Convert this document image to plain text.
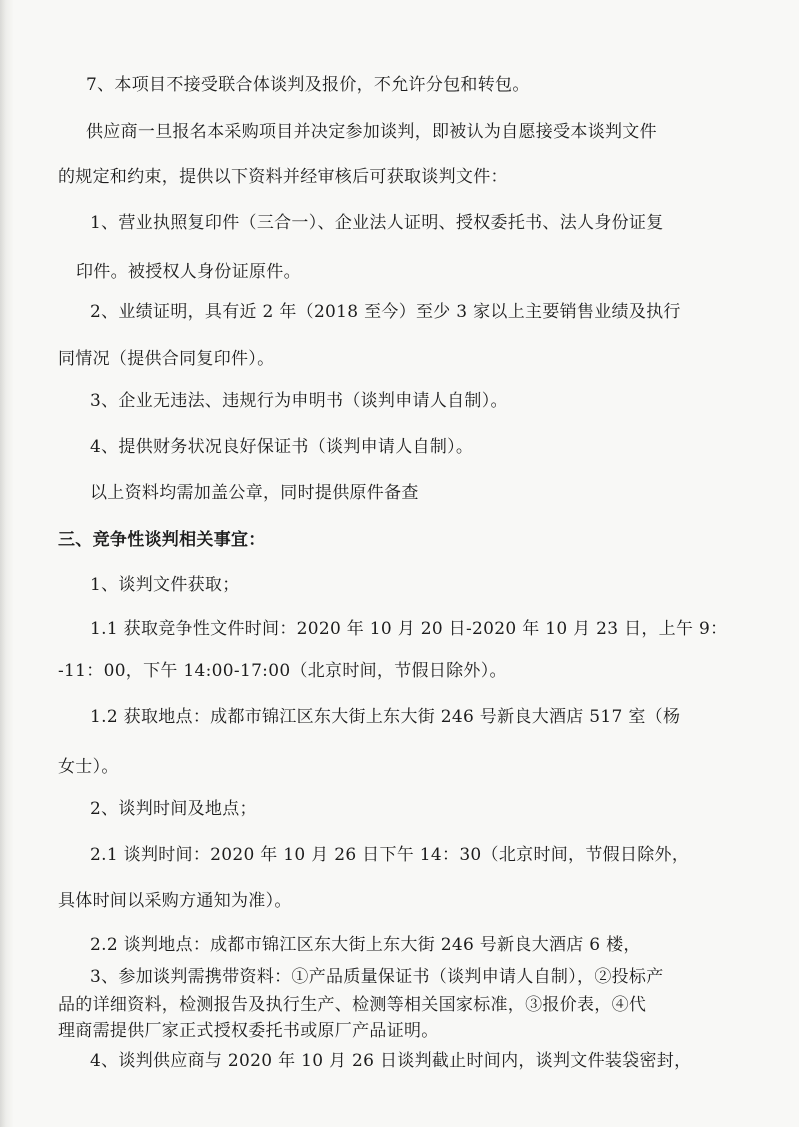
7、本项目不接受联合体谈判及报价，不允许分包和转包。
供应商一旦报名本采购项目并决定参加谈判，即被认为自愿接受本谈判文件
的规定和约束，提供以下资料并经审核后可获取谈判文件：
1、营业执照复印件（三合一）、企业法人证明、授权委托书、法人身份证复
印件。被授权人身份证原件。
2、业绩证明，具有近 2 年（2018 至今）至少 3 家以上主要销售业绩及执行
同情况（提供合同复印件）。
3、企业无违法、违规行为申明书（谈判申请人自制）。
4、提供财务状况良好保证书（谈判申请人自制）。
以上资料均需加盖公章，同时提供原件备查
三、竞争性谈判相关事宜：
1、谈判文件获取；
1.1 获取竞争性文件时间：2020 年 10 月 20 日-2020 年 10 月 23 日，上午 9：
-11：00，下午 14:00-17:00（北京时间，节假日除外）。
1.2 获取地点：成都市锦江区东大街上东大街 246 号新良大酒店 517 室（杨
女士）。
2、谈判时间及地点；
2.1 谈判时间：2020 年 10 月 26 日下午 14：30（北京时间，节假日除外，
具体时间以采购方通知为准）。
2.2 谈判地点：成都市锦江区东大街上东大街 246 号新良大酒店 6 楼，
3、参加谈判需携带资料：①产品质量保证书（谈判申请人自制），②投标产
品的详细资料，检测报告及执行生产、检测等相关国家标准，③报价表，④代
理商需提供厂家正式授权委托书或原厂产品证明。
4、谈判供应商与 2020 年 10 月 26 日谈判截止时间内，谈判文件装袋密封，
